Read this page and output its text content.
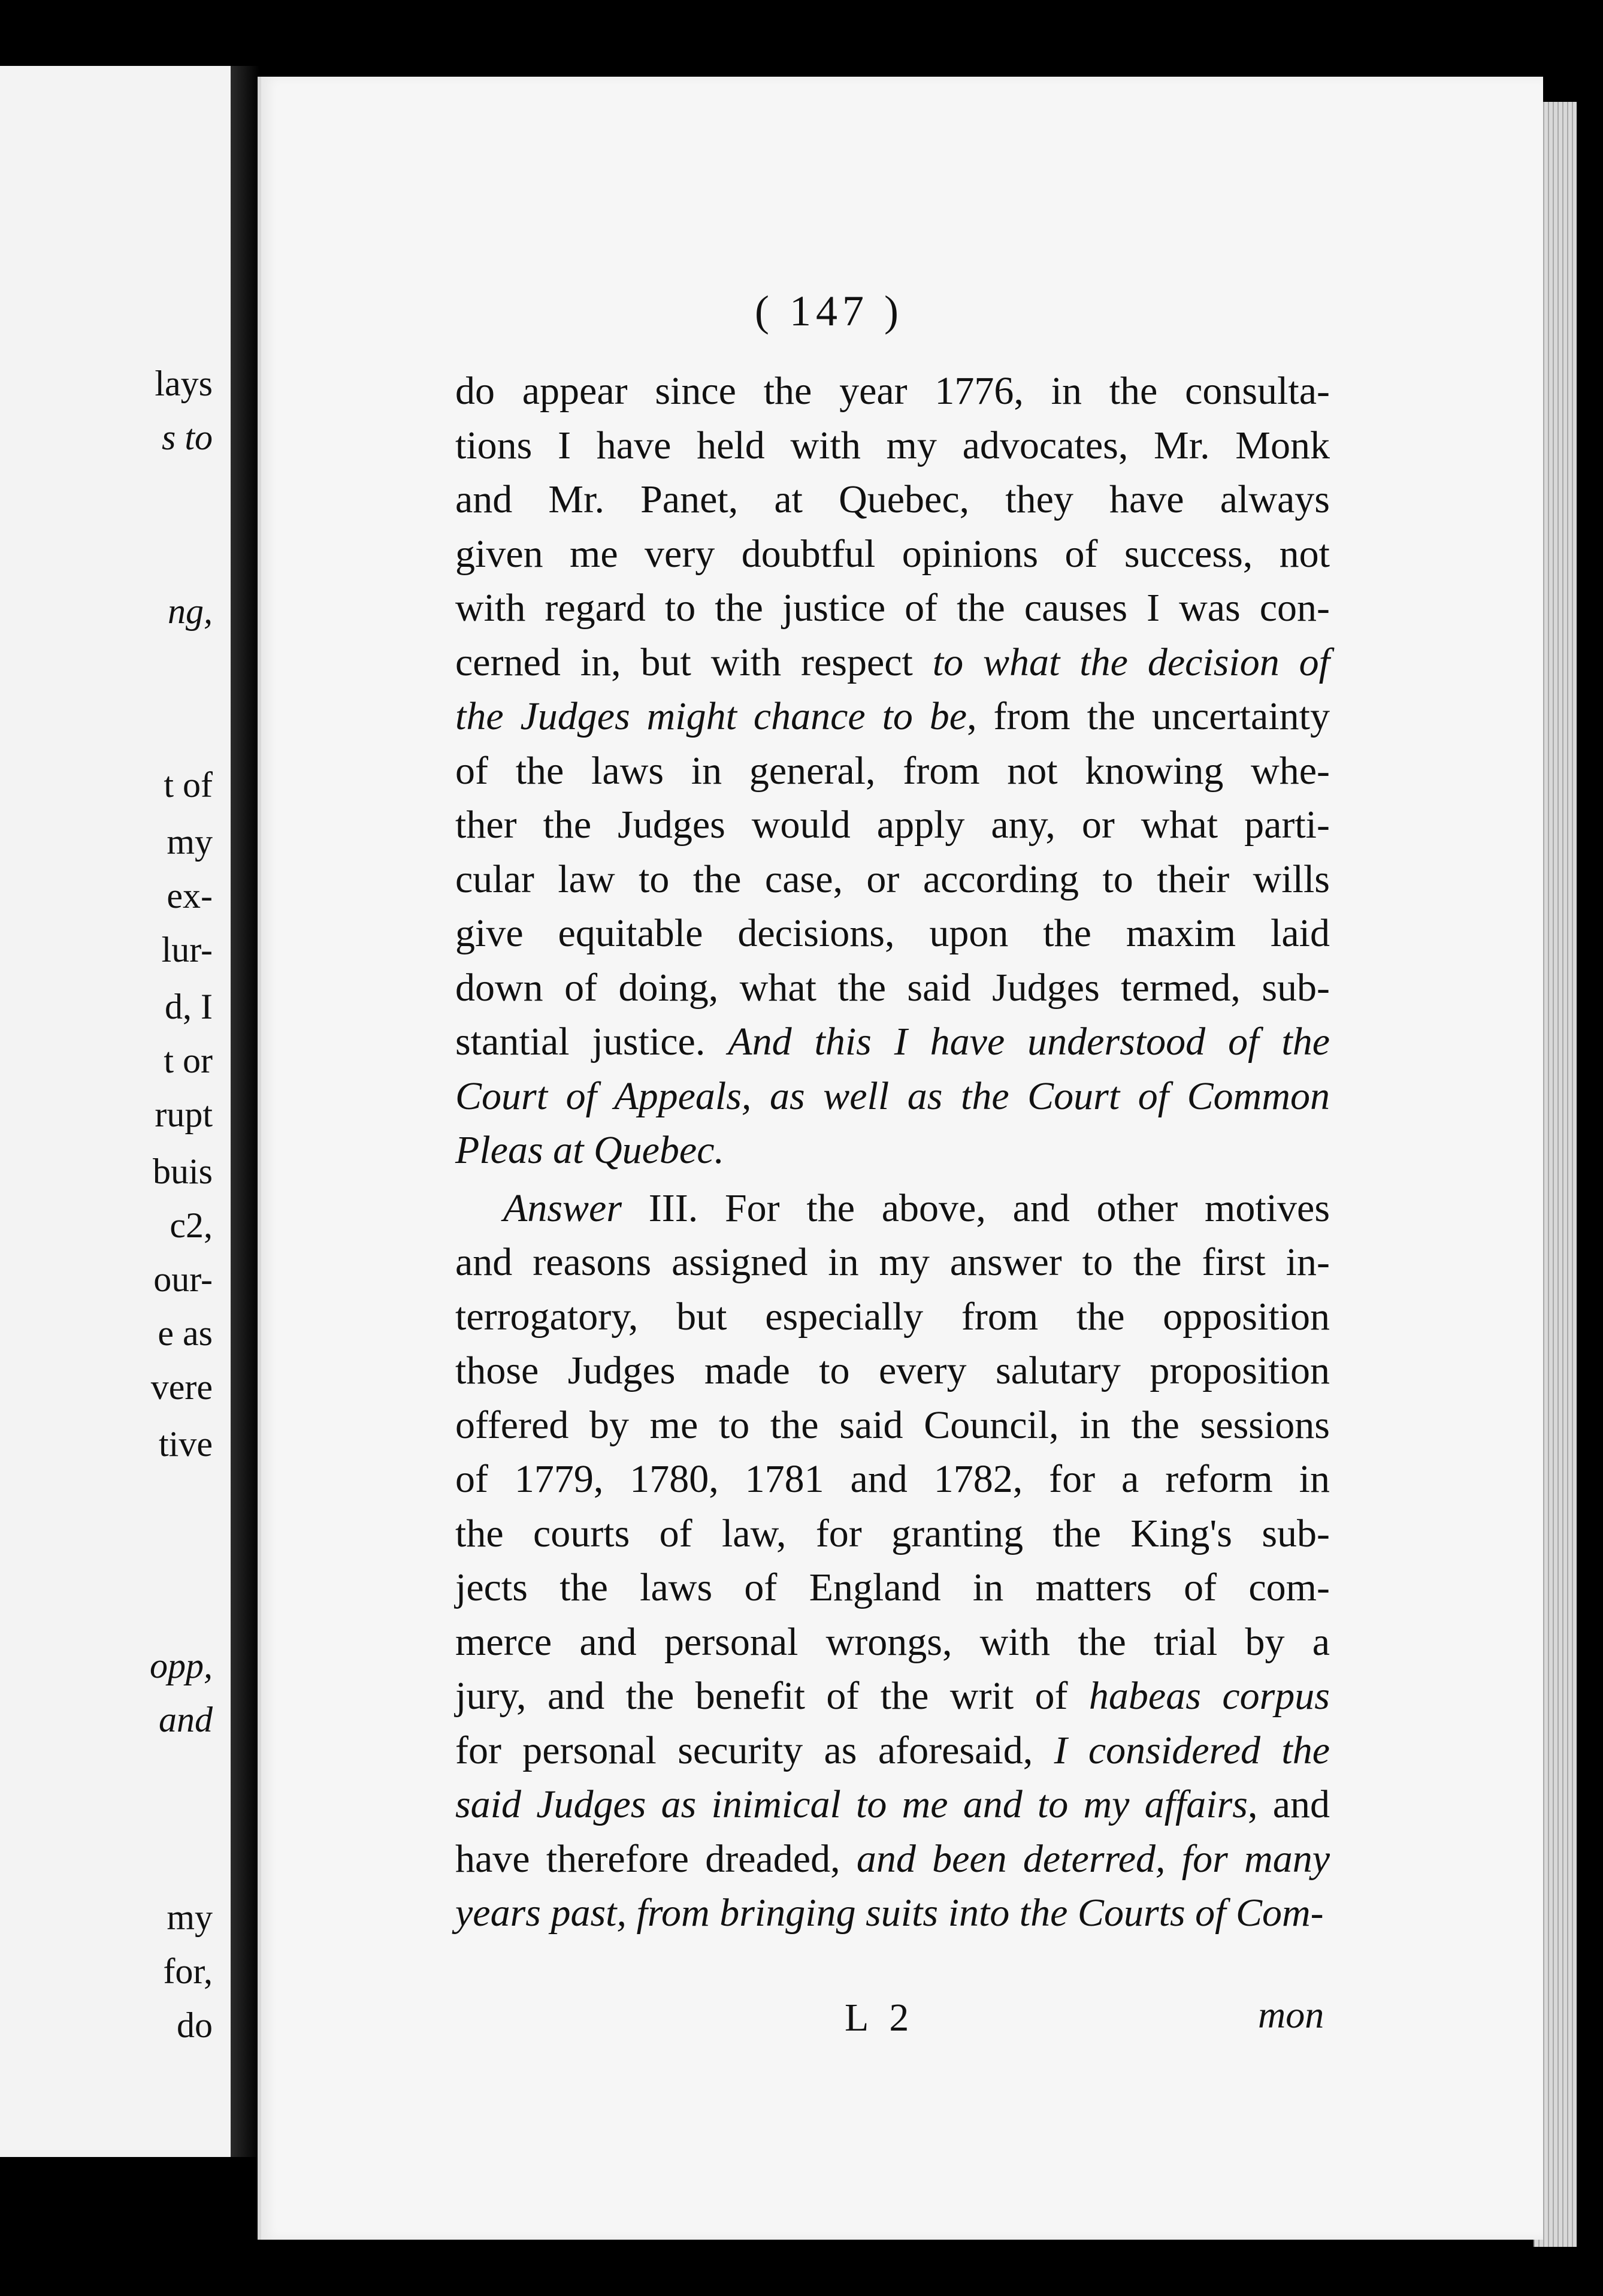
lays
s to
ng,
t of
my
ex-
lur-
d, I
t or
rupt
buis
c2,
our-
e as
vere
tive
opp,
and
my
for,
do
( 147 )
do appear since the year 1776, in the consulta-
tions I have held with my advocates, Mr. Monk
and Mr. Panet, at Quebec, they have always
given me very doubtful opinions of success, not
with regard to the justice of the causes I was con-
cerned in, but with respect to what the decision of
the Judges might chance to be, from the uncertainty
of the laws in general, from not knowing whe-
ther the Judges would apply any, or what parti-
cular law to the case, or according to their wills
give equitable decisions, upon the maxim laid
down of doing, what the said Judges termed, sub-
stantial justice. And this I have understood of the
Court of Appeals, as well as the Court of Common
Pleas at Quebec.
Answer III. For the above, and other motives
and reasons assigned in my answer to the first in-
terrogatory, but especially from the opposition
those Judges made to every salutary proposition
offered by me to the said Council, in the sessions
of 1779, 1780, 1781 and 1782, for a reform in
the courts of law, for granting the King's sub-
jects the laws of England in matters of com-
merce and personal wrongs, with the trial by a
jury, and the benefit of the writ of habeas corpus
for personal security as aforesaid, I considered the
said Judges as inimical to me and to my affairs, and
have therefore dreaded, and been deterred, for many
years past, from bringing suits into the Courts of Com-
L 2	mon
